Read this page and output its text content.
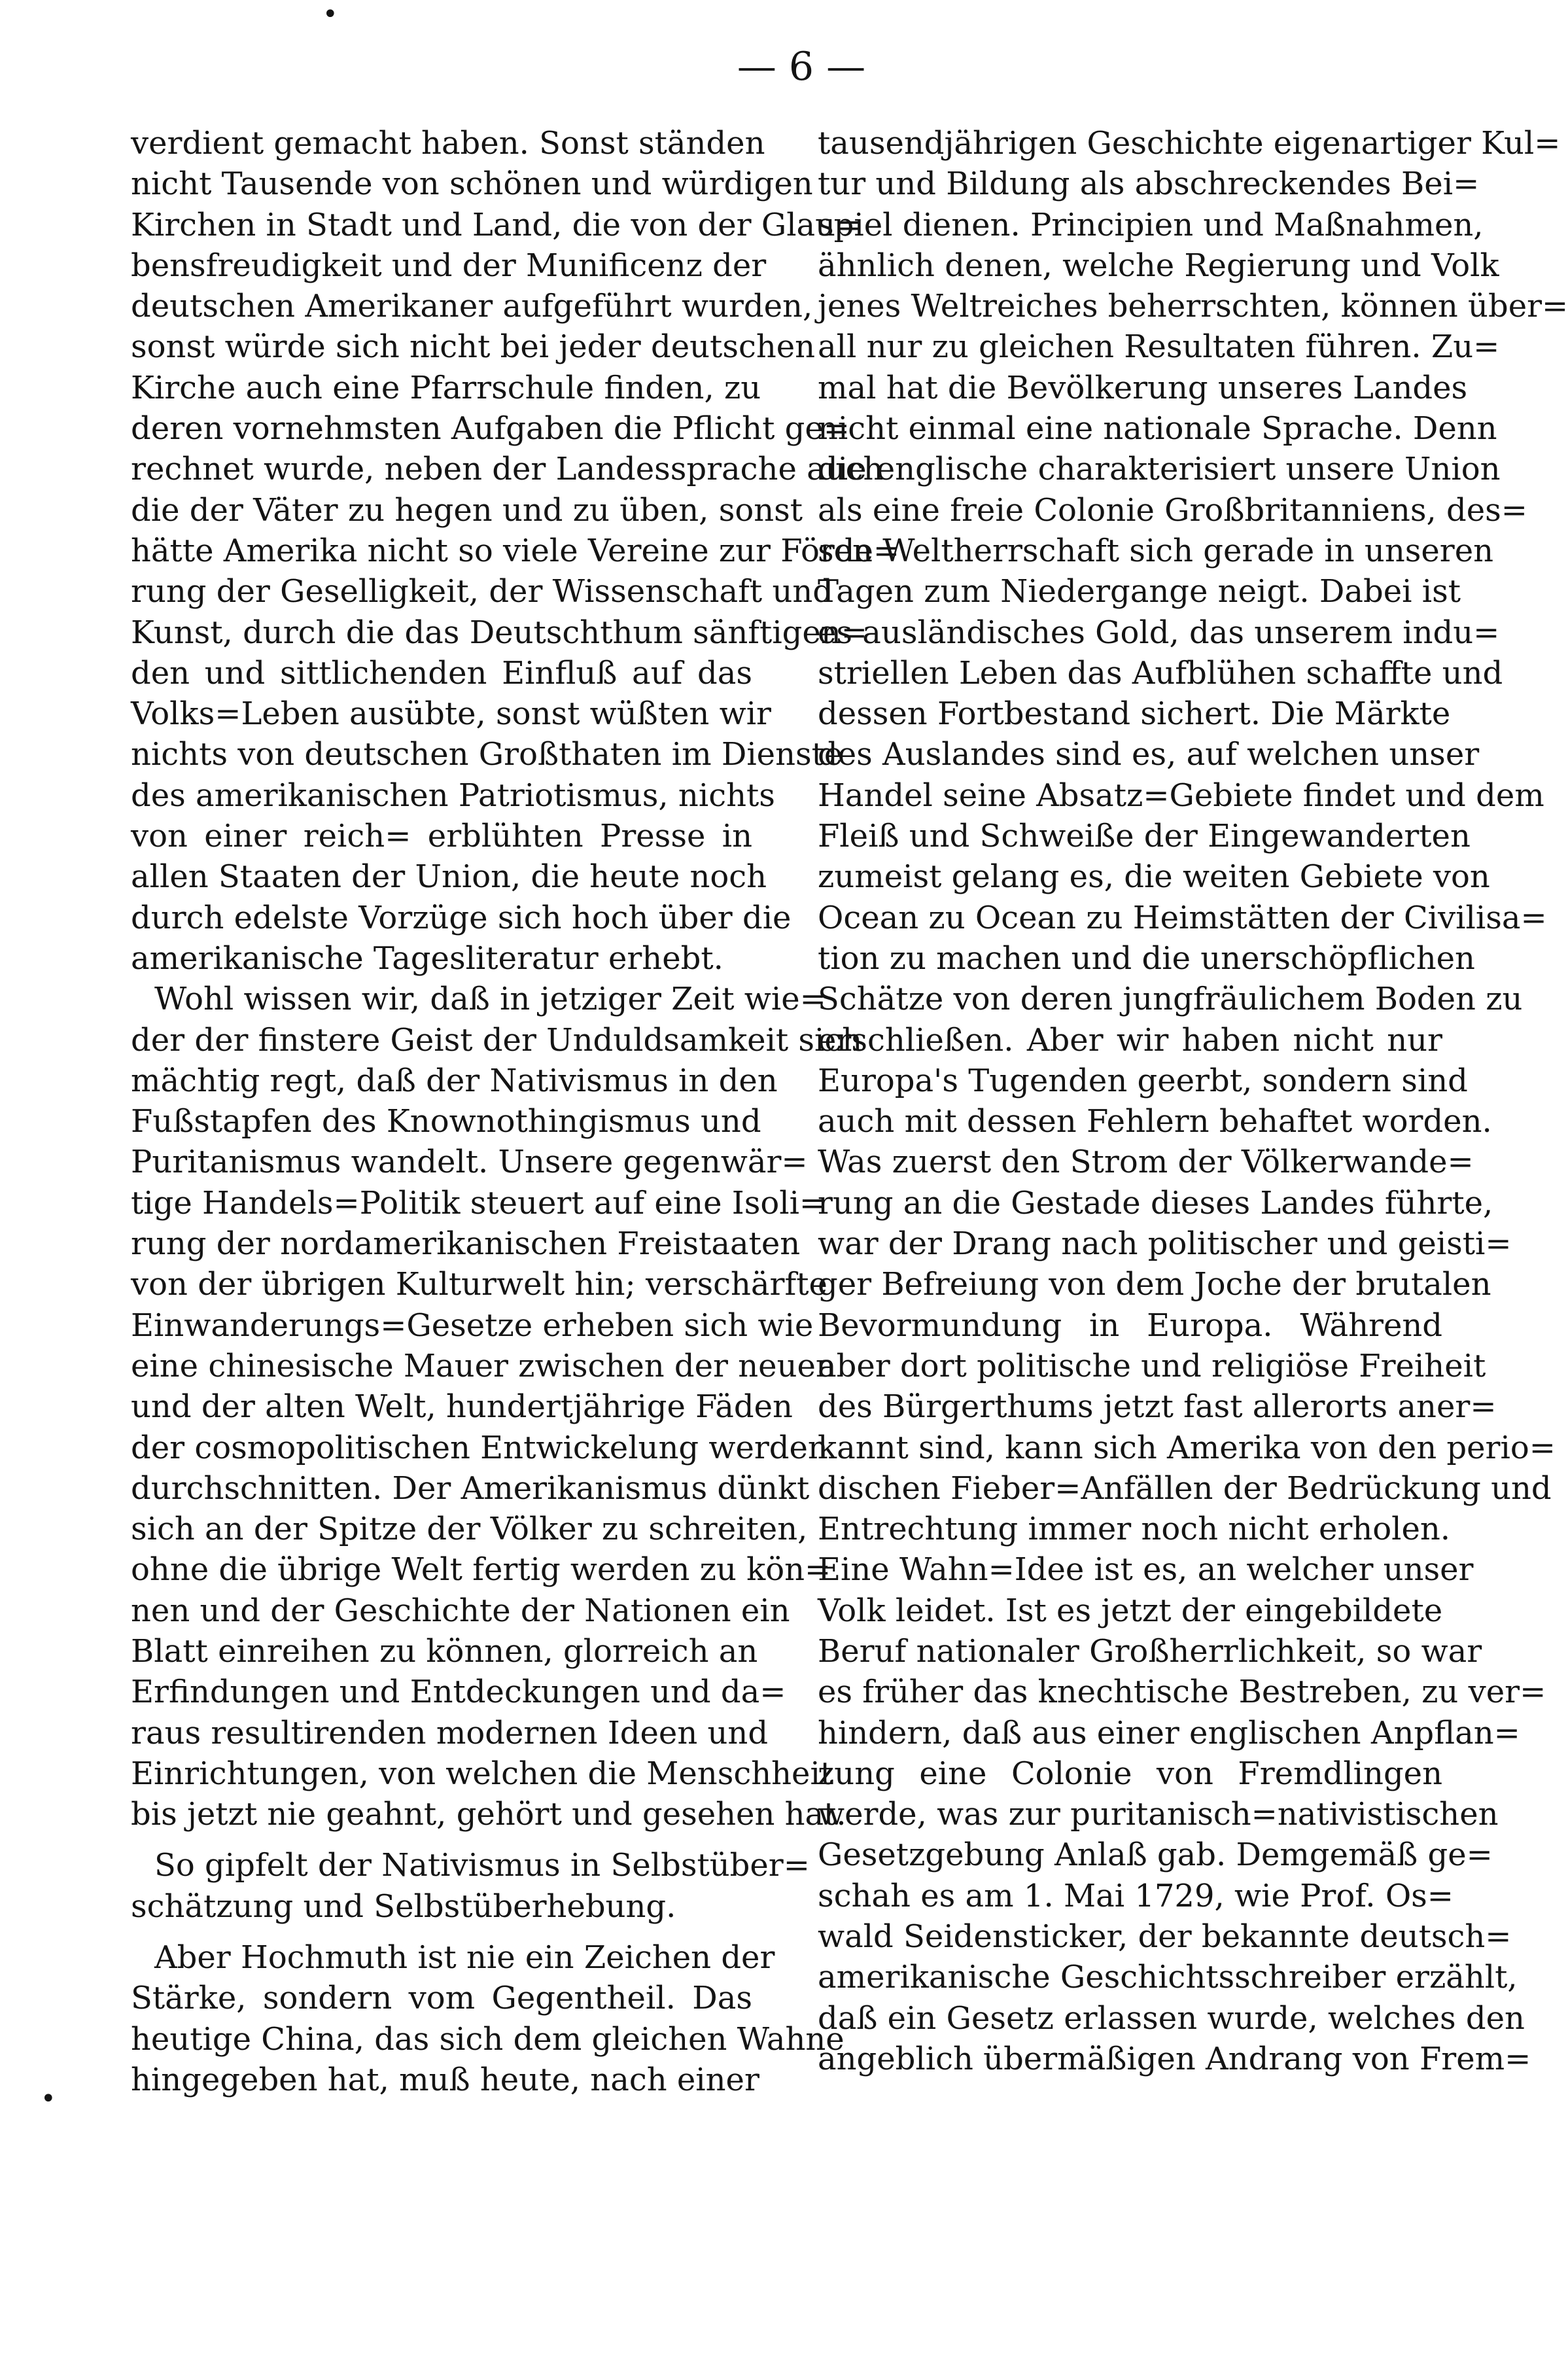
•
— 6 —
verdient gemacht haben. Sonst ständen
nicht Tausende von schönen und würdigen
Kirchen in Stadt und Land, die von der Glau=
bensfreudigkeit und der Munificenz der
deutschen Amerikaner aufgeführt wurden,
sonst würde sich nicht bei jeder deutschen
Kirche auch eine Pfarrschule finden, zu
deren vornehmsten Aufgaben die Pflicht ge=
rechnet wurde, neben der Landessprache auch
die der Väter zu hegen und zu üben, sonst
hätte Amerika nicht so viele Vereine zur Förde=
rung der Geselligkeit, der Wissenschaft und
Kunst, durch die das Deutschthum sänftigen=
den und sittlichenden Einfluß auf das
Volks=Leben ausübte, sonst wüßten wir
nichts von deutschen Großthaten im Dienste
des amerikanischen Patriotismus, nichts
von einer reich= erblühten Presse in
allen Staaten der Union, die heute noch
durch edelste Vorzüge sich hoch über die
amerikanische Tagesliteratur erhebt.
Wohl wissen wir, daß in jetziger Zeit wie=
der der finstere Geist der Unduldsamkeit sich
mächtig regt, daß der Nativismus in den
Fußstapfen des Knownothingismus und
Puritanismus wandelt. Unsere gegenwär=
tige Handels=Politik steuert auf eine Isoli=
rung der nordamerikanischen Freistaaten
von der übrigen Kulturwelt hin; verschärfte
Einwanderungs=Gesetze erheben sich wie
eine chinesische Mauer zwischen der neuen
und der alten Welt, hundertjährige Fäden
der cosmopolitischen Entwickelung werden
durchschnitten. Der Amerikanismus dünkt
sich an der Spitze der Völker zu schreiten,
ohne die übrige Welt fertig werden zu kön=
nen und der Geschichte der Nationen ein
Blatt einreihen zu können, glorreich an
Erfindungen und Entdeckungen und da=
raus resultirenden modernen Ideen und
Einrichtungen, von welchen die Menschheit
bis jetzt nie geahnt, gehört und gesehen hat.
So gipfelt der Nativismus in Selbstüber=
schätzung und Selbstüberhebung.
Aber Hochmuth ist nie ein Zeichen der
Stärke, sondern vom Gegentheil. Das
heutige China, das sich dem gleichen Wahne
hingegeben hat, muß heute, nach einer
•
tausendjährigen Geschichte eigenartiger Kul=
tur und Bildung als abschreckendes Bei=
spiel dienen. Principien und Maßnahmen,
ähnlich denen, welche Regierung und Volk
jenes Weltreiches beherrschten, können über=
all nur zu gleichen Resultaten führen. Zu=
mal hat die Bevölkerung unseres Landes
nicht einmal eine nationale Sprache. Denn
die englische charakterisiert unsere Union
als eine freie Colonie Großbritanniens, des=
sen Weltherrschaft sich gerade in unseren
Tagen zum Niedergange neigt. Dabei ist
es ausländisches Gold, das unserem indu=
striellen Leben das Aufblühen schaffte und
dessen Fortbestand sichert. Die Märkte
des Auslandes sind es, auf welchen unser
Handel seine Absatz=Gebiete findet und dem
Fleiß und Schweiße der Eingewanderten
zumeist gelang es, die weiten Gebiete von
Ocean zu Ocean zu Heimstätten der Civilisa=
tion zu machen und die unerschöpflichen
Schätze von deren jungfräulichem Boden zu
erschließen. Aber wir haben nicht nur
Europa's Tugenden geerbt, sondern sind
auch mit dessen Fehlern behaftet worden.
Was zuerst den Strom der Völkerwande=
rung an die Gestade dieses Landes führte,
war der Drang nach politischer und geisti=
ger Befreiung von dem Joche der brutalen
Bevormundung in Europa. Während
aber dort politische und religiöse Freiheit
des Bürgerthums jetzt fast allerorts aner=
kannt sind, kann sich Amerika von den perio=
dischen Fieber=Anfällen der Bedrückung und
Entrechtung immer noch nicht erholen.
Eine Wahn=Idee ist es, an welcher unser
Volk leidet. Ist es jetzt der eingebildete
Beruf nationaler Großherrlichkeit, so war
es früher das knechtische Bestreben, zu ver=
hindern, daß aus einer englischen Anpflan=
zung eine Colonie von Fremdlingen
werde, was zur puritanisch=nativistischen
Gesetzgebung Anlaß gab. Demgemäß ge=
schah es am 1. Mai 1729, wie Prof. Os=
wald Seidensticker, der bekannte deutsch=
amerikanische Geschichtsschreiber erzählt,
daß ein Gesetz erlassen wurde, welches den
angeblich übermäßigen Andrang von Frem=
